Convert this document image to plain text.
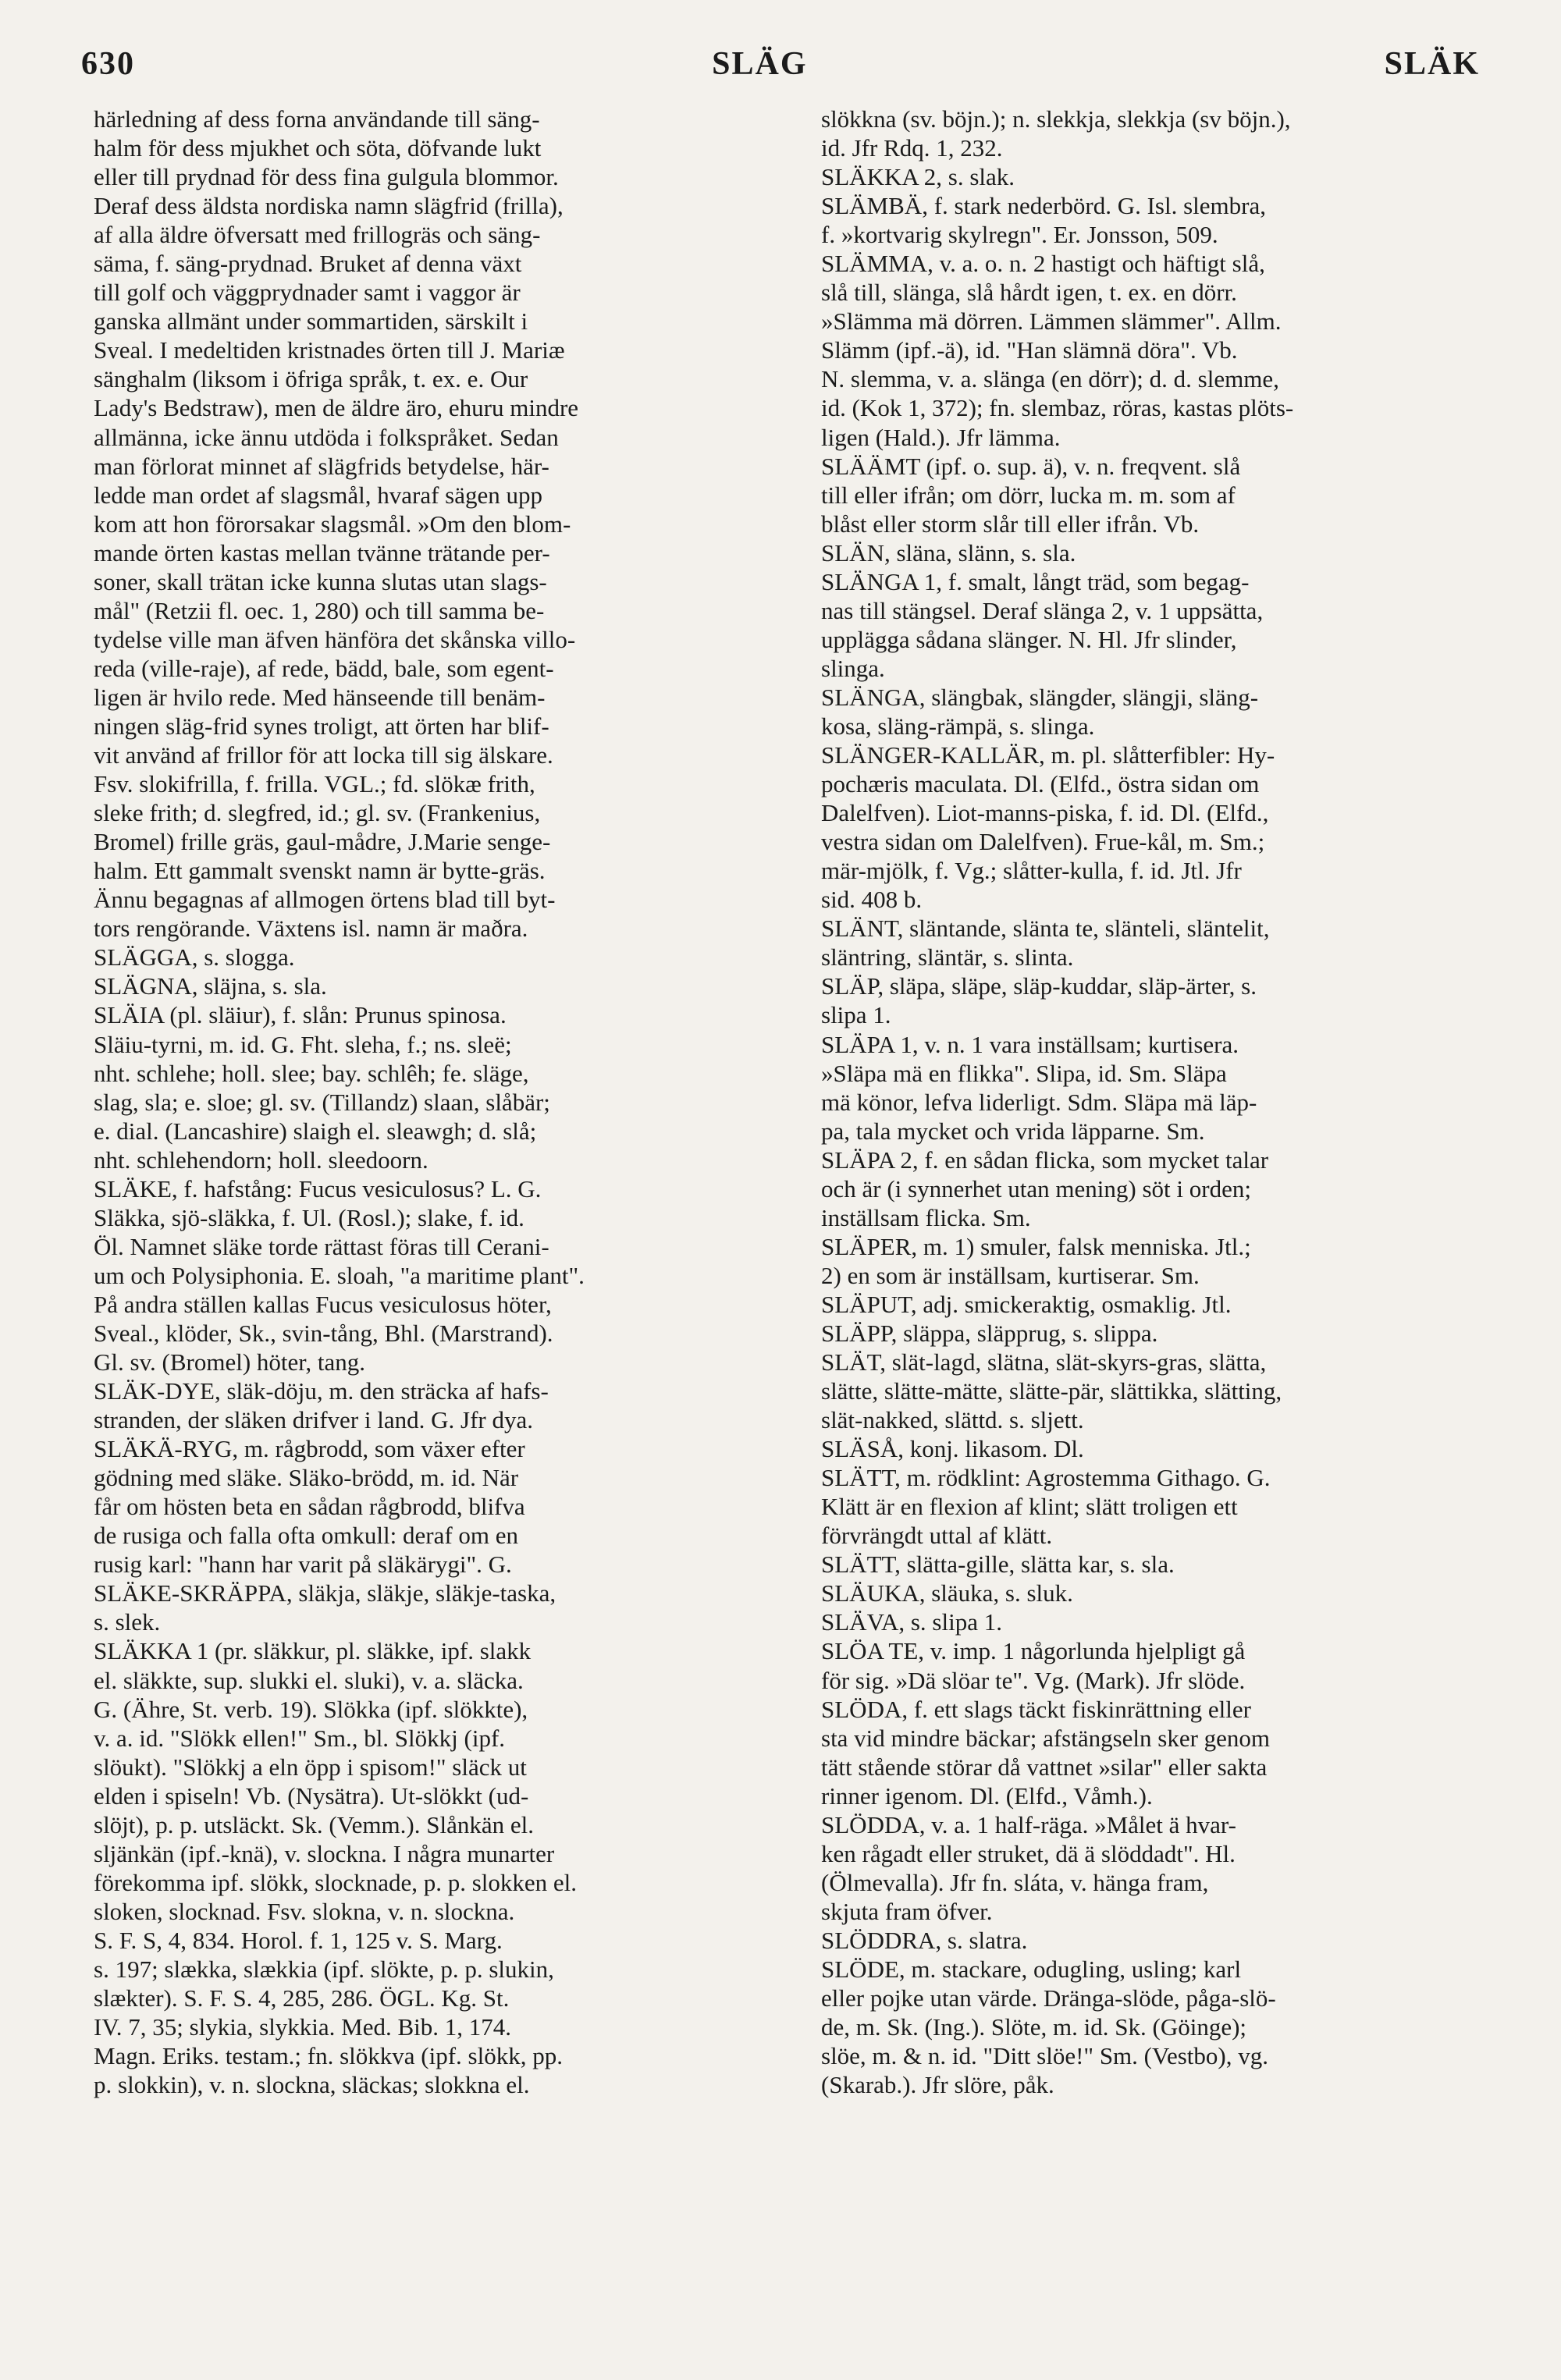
630	SLÄG	SLÄK
härledning af dess forna användande till säng-
halm för dess mjukhet och söta, döfvande lukt
eller till prydnad för dess fina gulgula blommor.
Deraf dess äldsta nordiska namn slägfrid (frilla),
af alla äldre öfversatt med frillogräs och säng-
säma, f. säng-prydnad. Bruket af denna växt
till golf och väggprydnader samt i vaggor är
ganska allmänt under sommartiden, särskilt i
Sveal. I medeltiden kristnades örten till J. Mariæ
sänghalm (liksom i öfriga språk, t. ex. e. Our
Lady's Bedstraw), men de äldre äro, ehuru mindre
allmänna, icke ännu utdöda i folkspråket. Sedan
man förlorat minnet af slägfrids betydelse, här-
ledde man ordet af slagsmål, hvaraf sägen upp
kom att hon förorsakar slagsmål. »Om den blom-
mande örten kastas mellan tvänne trätande per-
soner, skall trätan icke kunna slutas utan slags-
mål" (Retzii fl. oec. 1, 280) och till samma be-
tydelse ville man äfven hänföra det skånska villo-
reda (ville-raje), af rede, bädd, bale, som egent-
ligen är hvilo rede. Med hänseende till benäm-
ningen släg-frid synes troligt, att örten har blif-
vit använd af frillor för att locka till sig älskare.
Fsv. slokifrilla, f. frilla. VGL.; fd. slökæ frith,
sleke frith; d. slegfred, id.; gl. sv. (Frankenius,
Bromel) frille gräs, gaul-mådre, J.Marie senge-
halm. Ett gammalt svenskt namn är bytte-gräs.
Ännu begagnas af allmogen örtens blad till byt-
tors rengörande. Växtens isl. namn är maðra.
SLÄGGA, s. slogga.
SLÄGNA, släjna, s. sla.
SLÄIA (pl. släiur), f. slån: Prunus spinosa.
Släiu-tyrni, m. id. G. Fht. sleha, f.; ns. sleë;
nht. schlehe; holl. slee; bay. schlêh; fe. släge,
slag, sla; e. sloe; gl. sv. (Tillandz) slaan, slåbär;
e. dial. (Lancashire) slaigh el. sleawgh; d. slå;
nht. schlehendorn; holl. sleedoorn.
SLÄKE, f. hafstång: Fucus vesiculosus? L. G.
Släkka, sjö-släkka, f. Ul. (Rosl.); slake, f. id.
Öl. Namnet släke torde rättast föras till Cerani-
um och Polysiphonia. E. sloah, "a maritime plant".
På andra ställen kallas Fucus vesiculosus höter,
Sveal., klöder, Sk., svin-tång, Bhl. (Marstrand).
Gl. sv. (Bromel) höter, tang.
SLÄK-DYE, släk-döju, m. den sträcka af hafs-
stranden, der släken drifver i land. G. Jfr dya.
SLÄKÄ-RYG, m. rågbrodd, som växer efter
gödning med släke. Släko-brödd, m. id. När
får om hösten beta en sådan rågbrodd, blifva
de rusiga och falla ofta omkull: deraf om en
rusig karl: "hann har varit på släkärygi". G.
SLÄKE-SKRÄPPA, släkja, släkje, släkje-taska,
s. slek.
SLÄKKA 1 (pr. släkkur, pl. släkke, ipf. slakk
el. släkkte, sup. slukki el. sluki), v. a. släcka.
G. (Ähre, St. verb. 19). Slökka (ipf. slökkte),
v. a. id. "Slökk ellen!" Sm., bl. Slökkj (ipf.
slöukt). "Slökkj a eln öpp i spisom!" släck ut
elden i spiseln! Vb. (Nysätra). Ut-slökkt (ud-
slöjt), p. p. utsläckt. Sk. (Vemm.). Slånkän el.
sljänkän (ipf.-knä), v. slockna. I några munarter
förekomma ipf. slökk, slocknade, p. p. slokken el.
sloken, slocknad. Fsv. slokna, v. n. slockna.
S. F. S, 4, 834. Horol. f. 1, 125 v. S. Marg.
s. 197; slækka, slækkia (ipf. slökte, p. p. slukin,
slækter). S. F. S. 4, 285, 286. ÖGL. Kg. St.
IV. 7, 35; slykia, slykkia. Med. Bib. 1, 174.
Magn. Eriks. testam.; fn. slökkva (ipf. slökk, pp.
p. slokkin), v. n. slockna, släckas; slokkna el.
slökkna (sv. böjn.); n. slekkja, slekkja (sv böjn.),
id. Jfr Rdq. 1, 232.
SLÄKKA 2, s. slak.
SLÄMBÄ, f. stark nederbörd. G. Isl. slembra,
f. »kortvarig skylregn". Er. Jonsson, 509.
SLÄMMA, v. a. o. n. 2 hastigt och häftigt slå,
slå till, slänga, slå hårdt igen, t. ex. en dörr.
»Slämma mä dörren. Lämmen slämmer". Allm.
Slämm (ipf.-ä), id. "Han slämnä döra". Vb.
N. slemma, v. a. slänga (en dörr); d. d. slemme,
id. (Kok 1, 372); fn. slembaz, röras, kastas plöts-
ligen (Hald.). Jfr lämma.
SLÄÄMT (ipf. o. sup. ä), v. n. freqvent. slå
till eller ifrån; om dörr, lucka m. m. som af
blåst eller storm slår till eller ifrån. Vb.
SLÄN, släna, slänn, s. sla.
SLÄNGA 1, f. smalt, långt träd, som begag-
nas till stängsel. Deraf slänga 2, v. 1 uppsätta,
upplägga sådana slänger. N. Hl. Jfr slinder,
slinga.
SLÄNGA, slängbak, slängder, slängji, släng-
kosa, släng-rämpä, s. slinga.
SLÄNGER-KALLÄR, m. pl. slåtterfibler: Hy-
pochæris maculata. Dl. (Elfd., östra sidan om
Dalelfven). Liot-manns-piska, f. id. Dl. (Elfd.,
vestra sidan om Dalelfven). Frue-kål, m. Sm.;
mär-mjölk, f. Vg.; slåtter-kulla, f. id. Jtl. Jfr
sid. 408 b.
SLÄNT, släntande, slänta te, slänteli, släntelit,
släntring, släntär, s. slinta.
SLÄP, släpa, släpe, släp-kuddar, släp-ärter, s.
slipa 1.
SLÄPA 1, v. n. 1 vara inställsam; kurtisera.
»Släpa mä en flikka". Slipa, id. Sm. Släpa
mä könor, lefva liderligt. Sdm. Släpa mä läp-
pa, tala mycket och vrida läpparne. Sm.
SLÄPA 2, f. en sådan flicka, som mycket talar
och är (i synnerhet utan mening) söt i orden;
inställsam flicka. Sm.
SLÄPER, m. 1) smuler, falsk menniska. Jtl.;
2) en som är inställsam, kurtiserar. Sm.
SLÄPUT, adj. smickeraktig, osmaklig. Jtl.
SLÄPP, släppa, släpprug, s. slippa.
SLÄT, slät-lagd, slätna, slät-skyrs-gras, slätta,
slätte, slätte-mätte, slätte-pär, slättikka, slätting,
slät-nakked, slättd. s. sljett.
SLÄSÅ, konj. likasom. Dl.
SLÄTT, m. rödklint: Agrostemma Githago. G.
Klätt är en flexion af klint; slätt troligen ett
förvrängdt uttal af klätt.
SLÄTT, slätta-gille, slätta kar, s. sla.
SLÄUKA, släuka, s. sluk.
SLÄVA, s. slipa 1.
SLÖA TE, v. imp. 1 någorlunda hjelpligt gå
för sig. »Dä slöar te". Vg. (Mark). Jfr slöde.
SLÖDA, f. ett slags täckt fiskinrättning eller
sta vid mindre bäckar; afstängseln sker genom
tätt stående störar då vattnet »silar" eller sakta
rinner igenom. Dl. (Elfd., Våmh.).
SLÖDDA, v. a. 1 half-räga. »Målet ä hvar-
ken rågadt eller struket, dä ä slöddadt". Hl.
(Ölmevalla). Jfr fn. sláta, v. hänga fram,
skjuta fram öfver.
SLÖDDRA, s. slatra.
SLÖDE, m. stackare, odugling, usling; karl
eller pojke utan värde. Dränga-slöde, påga-slö-
de, m. Sk. (Ing.). Slöte, m. id. Sk. (Göinge);
slöe, m. & n. id. "Ditt slöe!" Sm. (Vestbo), vg.
(Skarab.). Jfr slöre, påk.
